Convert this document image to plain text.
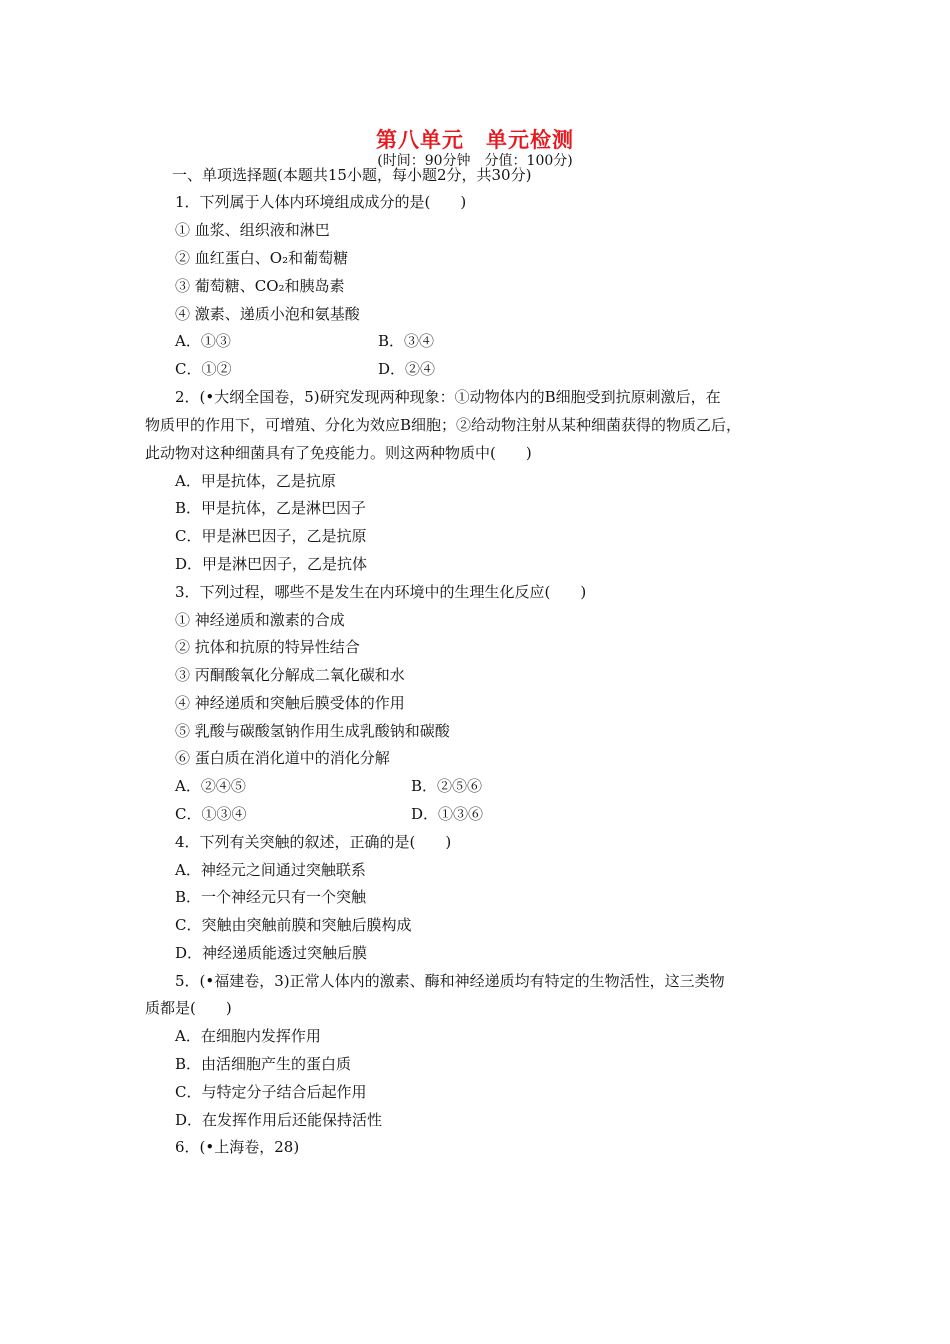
第八单元　单元检测
(时间：90分钟　分值：100分)
一、单项选择题(本题共15小题，每小题2分，共30分)
1．下列属于人体内环境组成成分的是(　　)
① 血浆、组织液和淋巴
② 血红蛋白、O₂和葡萄糖
③ 葡萄糖、CO₂和胰岛素
④ 激素、递质小泡和氨基酸
A．①③	B．③④
C．①②	D．②④
2．(•大纲全国卷，5)研究发现两种现象：①动物体内的B细胞受到抗原刺激后，在
物质甲的作用下，可增殖、分化为效应B细胞；②给动物注射从某种细菌获得的物质乙后，
此动物对这种细菌具有了免疫能力。则这两种物质中(　　)
A．甲是抗体，乙是抗原
B．甲是抗体，乙是淋巴因子
C．甲是淋巴因子，乙是抗原
D．甲是淋巴因子，乙是抗体
3．下列过程，哪些不是发生在内环境中的生理生化反应(　　)
① 神经递质和激素的合成
② 抗体和抗原的特异性结合
③ 丙酮酸氧化分解成二氧化碳和水
④ 神经递质和突触后膜受体的作用
⑤ 乳酸与碳酸氢钠作用生成乳酸钠和碳酸
⑥ 蛋白质在消化道中的消化分解
A．②④⑤	B．②⑤⑥
C．①③④	D．①③⑥
4．下列有关突触的叙述，正确的是(　　)
A．神经元之间通过突触联系
B．一个神经元只有一个突触
C．突触由突触前膜和突触后膜构成
D．神经递质能透过突触后膜
5．(•福建卷，3)正常人体内的激素、酶和神经递质均有特定的生物活性，这三类物
质都是(　　)
A．在细胞内发挥作用
B．由活细胞产生的蛋白质
C．与特定分子结合后起作用
D．在发挥作用后还能保持活性
6．(•上海卷，28)
